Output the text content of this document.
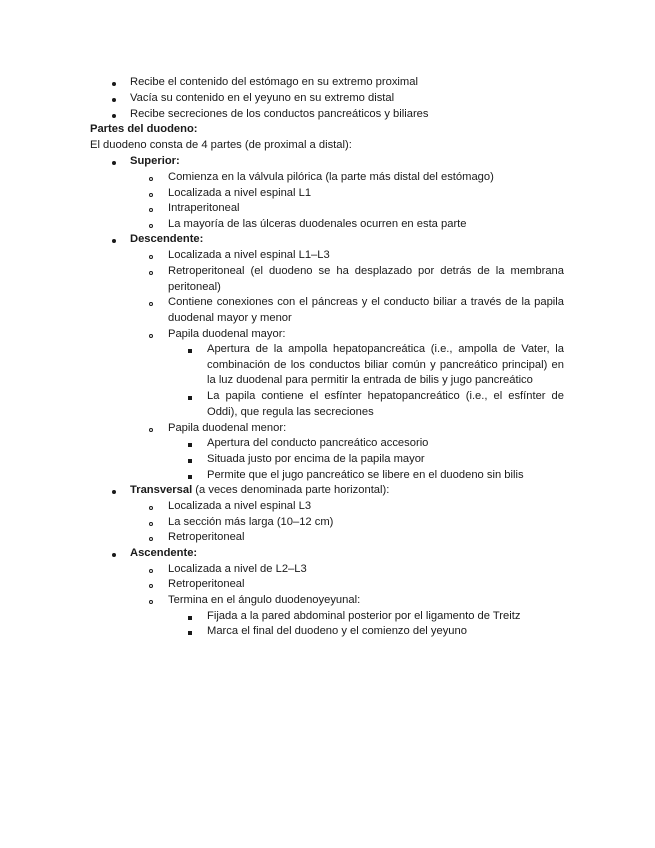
Recibe el contenido del estómago en su extremo proximal
Vacía su contenido en el yeyuno en su extremo distal
Recibe secreciones de los conductos pancreáticos y biliares
Partes del duodeno:
El duodeno consta de 4 partes (de proximal a distal):
Superior:
Comienza en la válvula pilórica (la parte más distal del estómago)
Localizada a nivel espinal L1
Intraperitoneal
La mayoría de las úlceras duodenales ocurren en esta parte
Descendente:
Localizada a nivel espinal L1–L3
Retroperitoneal (el duodeno se ha desplazado por detrás de la membrana peritoneal)
Contiene conexiones con el páncreas y el conducto biliar a través de la papila duodenal mayor y menor
Papila duodenal mayor:
Apertura de la ampolla hepatopancreática (i.e., ampolla de Vater, la combinación de los conductos biliar común y pancreático principal) en la luz duodenal para permitir la entrada de bilis y jugo pancreático
La papila contiene el esfínter hepatopancreático (i.e., el esfínter de Oddi), que regula las secreciones
Papila duodenal menor:
Apertura del conducto pancreático accesorio
Situada justo por encima de la papila mayor
Permite que el jugo pancreático se libere en el duodeno sin bilis
Transversal (a veces denominada parte horizontal):
Localizada a nivel espinal L3
La sección más larga (10–12 cm)
Retroperitoneal
Ascendente:
Localizada a nivel de L2–L3
Retroperitoneal
Termina en el ángulo duodenoyeyunal:
Fijada a la pared abdominal posterior por el ligamento de Treitz
Marca el final del duodeno y el comienzo del yeyuno
